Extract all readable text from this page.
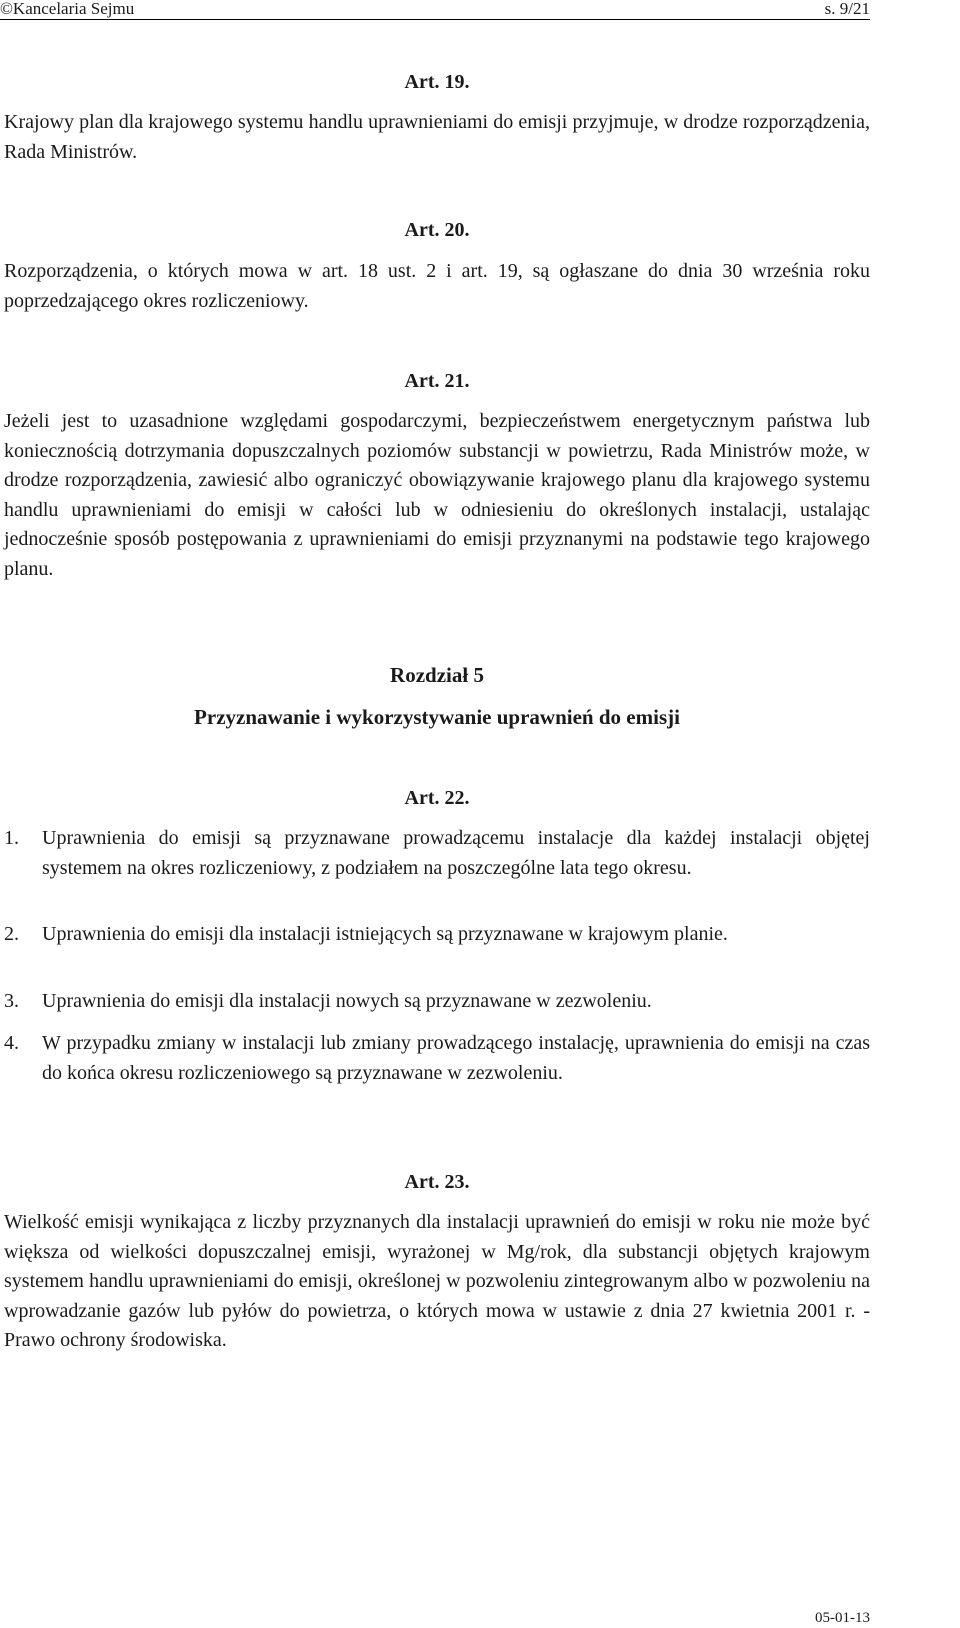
©Kancelaria Sejmu	s. 9/21
Art. 19.
Krajowy plan dla krajowego systemu handlu uprawnieniami do emisji przyjmuje, w drodze rozporządzenia, Rada Ministrów.
Art. 20.
Rozporządzenia, o których mowa w art. 18 ust. 2 i art. 19, są ogłaszane do dnia 30 września roku poprzedzającego okres rozliczeniowy.
Art. 21.
Jeżeli jest to uzasadnione względami gospodarczymi, bezpieczeństwem energetycznym państwa lub koniecznością dotrzymania dopuszczalnych poziomów substancji w powietrzu, Rada Ministrów może, w drodze rozporządzenia, zawiesić albo ograniczyć obowiązywanie krajowego planu dla krajowego systemu handlu uprawnieniami do emisji w całości lub w odniesieniu do określonych instalacji, ustalając jednocześnie sposób postępowania z uprawnieniami do emisji przyznanymi na podstawie tego krajowego planu.
Rozdział 5
Przyznawanie i wykorzystywanie uprawnień do emisji
Art. 22.
1.	Uprawnienia do emisji są przyznawane prowadzącemu instalacje dla każdej instalacji objętej systemem na okres rozliczeniowy, z podziałem na poszczególne lata tego okresu.
2.	Uprawnienia do emisji dla instalacji istniejących są przyznawane w krajowym planie.
3.	Uprawnienia do emisji dla instalacji nowych są przyznawane w zezwoleniu.
4.	W przypadku zmiany w instalacji lub zmiany prowadzącego instalację, uprawnienia do emisji na czas do końca okresu rozliczeniowego są przyznawane w zezwoleniu.
Art. 23.
Wielkość emisji wynikająca z liczby przyznanych dla instalacji uprawnień do emisji w roku nie może być większa od wielkości dopuszczalnej emisji, wyrażonej w Mg/rok, dla substancji objętych krajowym systemem handlu uprawnieniami do emisji, określonej w pozwoleniu zintegrowanym albo w pozwoleniu na wprowadzanie gazów lub pyłów do powietrza, o których mowa w ustawie z dnia 27 kwietnia 2001 r. - Prawo ochrony środowiska.
05-01-13
